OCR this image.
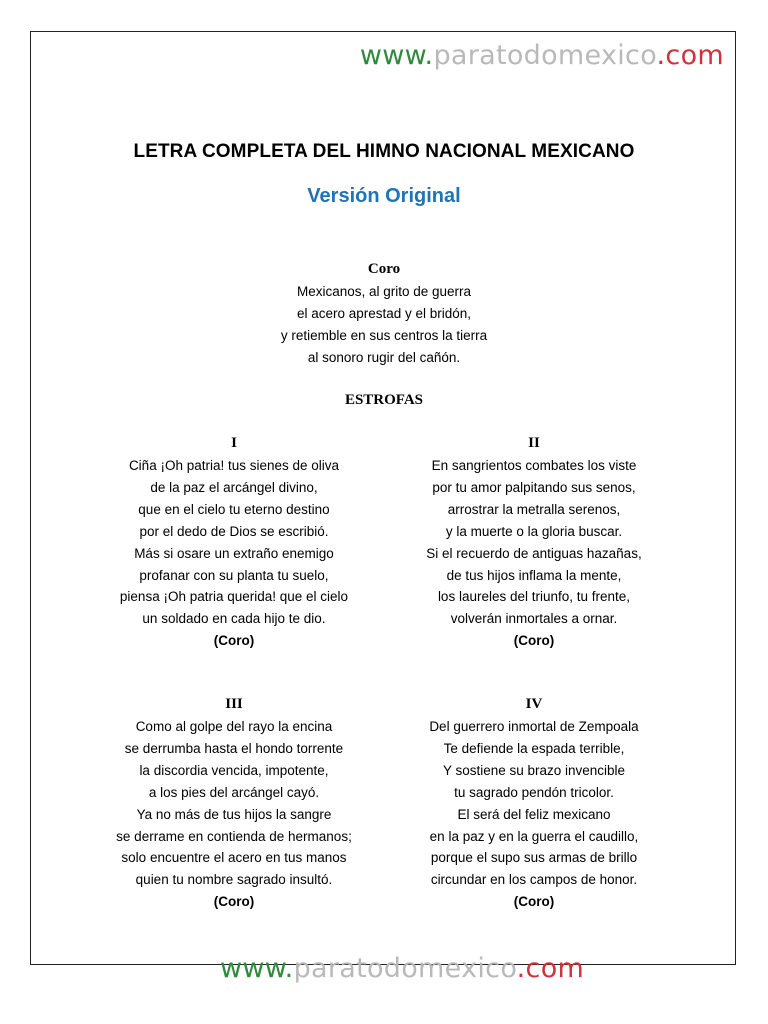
www.paratodomexico.com
LETRA COMPLETA DEL HIMNO NACIONAL MEXICANO
Versión Original
Coro
Mexicanos, al grito de guerra
el acero aprestad y el bridón,
y retiemble en sus centros la tierra
al sonoro rugir del cañón.
ESTROFAS
I
Ciña ¡Oh patria! tus sienes de oliva
de la paz el arcángel divino,
que en el cielo tu eterno destino
por el dedo de Dios se escribió.
Más si osare un extraño enemigo
profanar con su planta tu suelo,
piensa ¡Oh patria querida! que el cielo
un soldado en cada hijo te dio.
(Coro)
II
En sangrientos combates los viste
por tu amor palpitando sus senos,
arrostrar la metralla serenos,
y la muerte o la gloria buscar.
Si el recuerdo de antiguas hazañas,
de tus hijos inflama la mente,
los laureles del triunfo, tu frente,
volverán inmortales a ornar.
(Coro)
III
Como al golpe del rayo la encina
se derrumba hasta el hondo torrente
la discordia vencida, impotente,
a los pies del arcángel cayó.
Ya no más de tus hijos la sangre
se derrame en contienda de hermanos;
solo encuentre el acero en tus manos
quien tu nombre sagrado insultó.
(Coro)
IV
Del guerrero inmortal de Zempoala
Te defiende la espada terrible,
Y sostiene su brazo invencible
tu sagrado pendón tricolor.
El será del feliz mexicano
en la paz y en la guerra el caudillo,
porque el supo sus armas de brillo
circundar en los campos de honor.
(Coro)
www.paratodomexico.com
